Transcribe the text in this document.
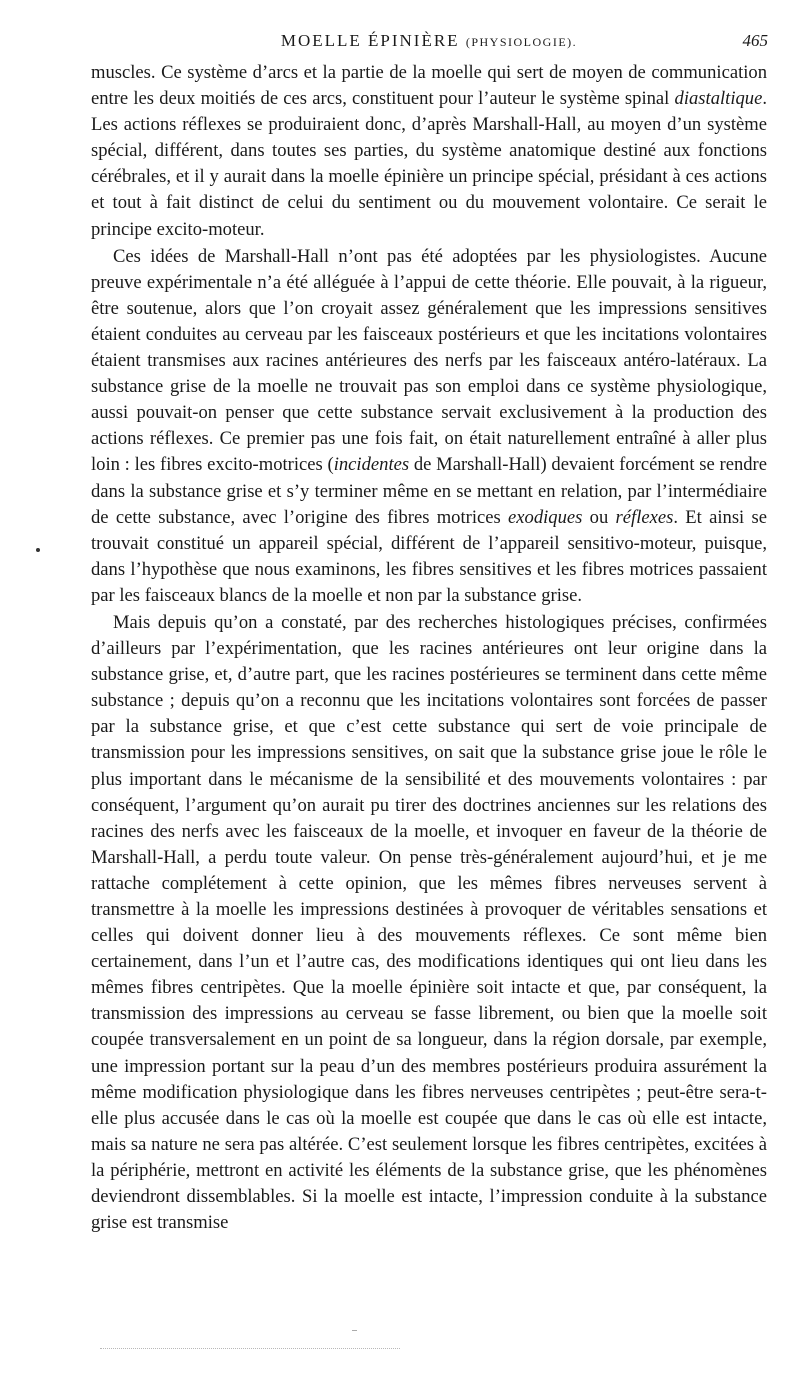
MOELLE ÉPINIÈRE (PHYSIOLOGIE).	465

muscles. Ce système d’arcs et la partie de la moelle qui sert de moyen de communication entre les deux moitiés de ces arcs, constituent pour l’auteur le système spinal diastaltique. Les actions réflexes se produiraient donc, d’après Marshall-Hall, au moyen d’un système spécial, différent, dans toutes ses parties, du système anatomique destiné aux fonctions cérébrales, et il y aurait dans la moelle épinière un principe spécial, présidant à ces actions et tout à fait distinct de celui du sentiment ou du mouvement volontaire. Ce serait le principe excito-moteur.

Ces idées de Marshall-Hall n’ont pas été adoptées par les physiologistes. Aucune preuve expérimentale n’a été alléguée à l’appui de cette théorie. Elle pouvait, à la rigueur, être soutenue, alors que l’on croyait assez généralement que les impressions sensitives étaient conduites au cerveau par les faisceaux postérieurs et que les incitations volontaires étaient transmises aux racines antérieures des nerfs par les faisceaux antéro-latéraux. La substance grise de la moelle ne trouvait pas son emploi dans ce système physiologique, aussi pouvait-on penser que cette substance servait exclusivement à la production des actions réflexes. Ce premier pas une fois fait, on était naturellement entraîné à aller plus loin : les fibres excito-motrices (incidentes de Marshall-Hall) devaient forcément se rendre dans la substance grise et s’y terminer même en se mettant en relation, par l’intermédiaire de cette substance, avec l’origine des fibres motrices exodiques ou réflexes. Et ainsi se trouvait constitué un appareil spécial, différent de l’appareil sensitivo-moteur, puisque, dans l’hypothèse que nous examinons, les fibres sensitives et les fibres motrices passaient par les faisceaux blancs de la moelle et non par la substance grise.

Mais depuis qu’on a constaté, par des recherches histologiques précises, confirmées d’ailleurs par l’expérimentation, que les racines antérieures ont leur origine dans la substance grise, et, d’autre part, que les racines postérieures se terminent dans cette même substance ; depuis qu’on a reconnu que les incitations volontaires sont forcées de passer par la substance grise, et que c’est cette substance qui sert de voie principale de transmission pour les impressions sensitives, on sait que la substance grise joue le rôle le plus important dans le mécanisme de la sensibilité et des mouvements volontaires : par conséquent, l’argument qu’on aurait pu tirer des doctrines anciennes sur les relations des racines des nerfs avec les faisceaux de la moelle, et invoquer en faveur de la théorie de Marshall-Hall, a perdu toute valeur. On pense très-généralement aujourd’hui, et je me rattache complétement à cette opinion, que les mêmes fibres nerveuses servent à transmettre à la moelle les impressions destinées à provoquer de véritables sensations et celles qui doivent donner lieu à des mouvements réflexes. Ce sont même bien certainement, dans l’un et l’autre cas, des modifications identiques qui ont lieu dans les mêmes fibres centripètes. Que la moelle épinière soit intacte et que, par conséquent, la transmission des impressions au cerveau se fasse librement, ou bien que la moelle soit coupée transversalement en un point de sa longueur, dans la région dorsale, par exemple, une impression portant sur la peau d’un des membres postérieurs produira assurément la même modification physiologique dans les fibres nerveuses centripètes ; peut-être sera-t-elle plus accusée dans le cas où la moelle est coupée que dans le cas où elle est intacte, mais sa nature ne sera pas altérée. C’est seulement lorsque les fibres centripètes, excitées à la périphérie, mettront en activité les éléments de la substance grise, que les phénomènes deviendront dissemblables. Si la moelle est intacte, l’impression conduite à la substance grise est transmise
